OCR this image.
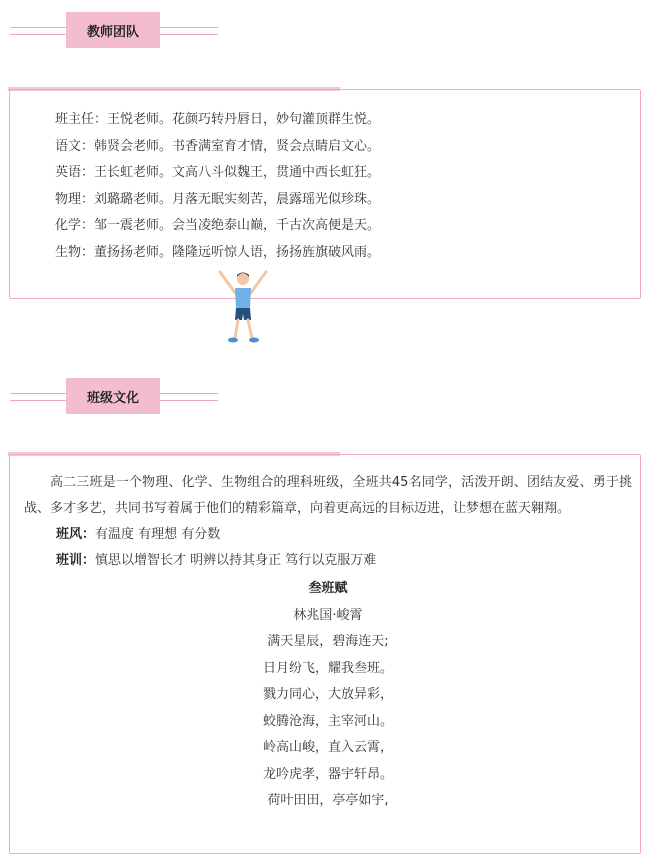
教师团队
班主任：王悦老师。花颜巧转丹唇日，妙句灌顶群生悦。
语文：韩贤会老师。书香满室育才情，贤会点睛启文心。
英语：王长虹老师。文高八斗似魏王，贯通中西长虹狂。
物理：刘璐璐老师。月落无眠实刻苦，晨露瑶光似珍珠。
化学：邹一震老师。会当凌绝泰山巅，千古次高便是天。
生物：董扬扬老师。隆隆远听惊人语，扬扬旌旗破风雨。
班级文化

高二三班是一个物理、化学、生物组合的理科班级，全班共45名同学，活泼开朗、团结友爱、勇于挑战、多才多艺，共同书写着属于他们的精彩篇章，向着更高远的目标迈进，让梦想在蓝天翱翔。

班风：有温度 有理想 有分数
班训：慎思以增智长才 明辨以持其身正 笃行以克服万难
叁班赋
林兆国·峻霄
满天星辰，碧海连天;
日月纷飞，耀我叁班。
戮力同心，大放异彩，
蛟腾沧海，主宰河山。
岭高山峻，直入云霄，
龙吟虎孝，器宇轩昂。
荷叶田田，亭亭如宇,
